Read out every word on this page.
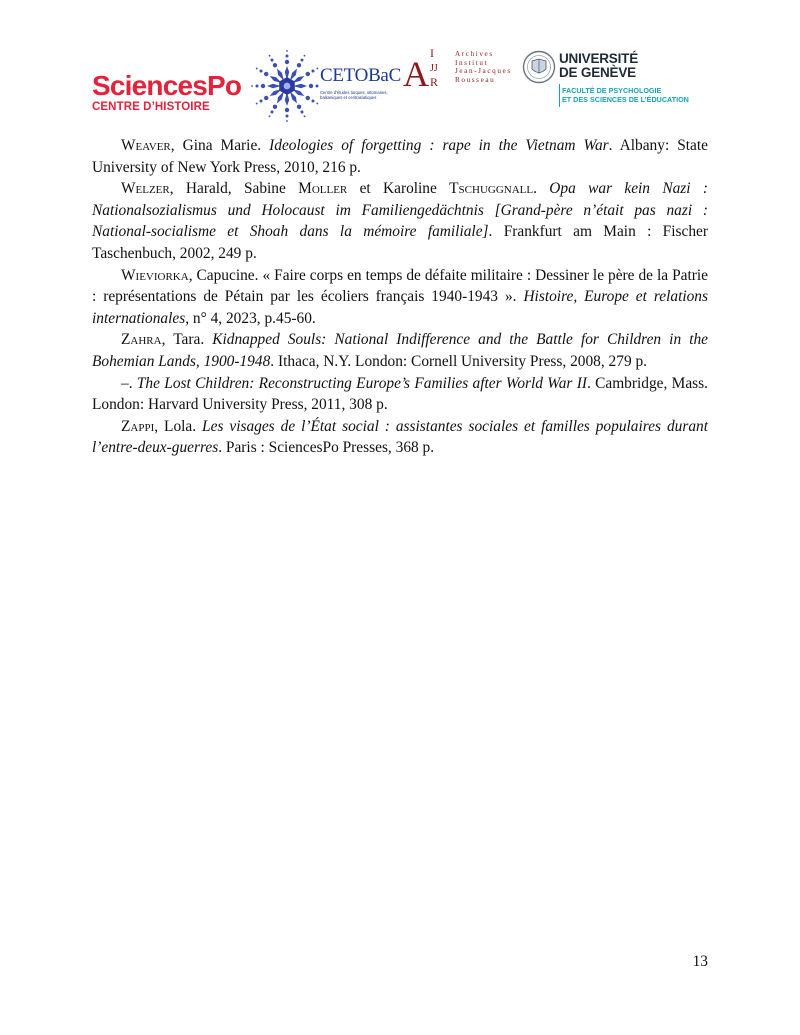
SciencesPo
CENTRE D’HISTOIRE
CETOBaC
Centre d'études turques, ottomanes, balkaniques et centrasiatiques
A
I
JJ
R
Archives
Institut
Jean-Jacques
Rousseau
UNIVERSITÉ
DE GENÈVE
FACULTÉ DE PSYCHOLOGIE
ET DES SCIENCES DE L’ÉDUCATION

Weaver, Gina Marie. Ideologies of forgetting : rape in the Vietnam War. Albany: State University of New York Press, 2010, 216 p.

Welzer, Harald, Sabine Moller et Karoline Tschuggnall. Opa war kein Nazi : Nationalsozialismus und Holocaust im Familiengedächtnis [Grand-père n’était pas nazi : National-socialisme et Shoah dans la mémoire familiale]. Frankfurt am Main : Fischer Taschenbuch, 2002, 249 p.

Wieviorka, Capucine. « Faire corps en temps de défaite militaire : Dessiner le père de la Patrie : représentations de Pétain par les écoliers français 1940-1943 ». Histoire, Europe et relations internationales, n° 4, 2023, p.45-60.

Zahra, Tara. Kidnapped Souls: National Indifference and the Battle for Children in the Bohemian Lands, 1900-1948. Ithaca, N.Y. London: Cornell University Press, 2008, 279 p.

–. The Lost Children: Reconstructing Europe’s Families after World War II. Cambridge, Mass. London: Harvard University Press, 2011, 308 p.

Zappi, Lola. Les visages de l’État social : assistantes sociales et familles populaires durant l’entre-deux-guerres. Paris : SciencesPo Presses, 368 p.

13
